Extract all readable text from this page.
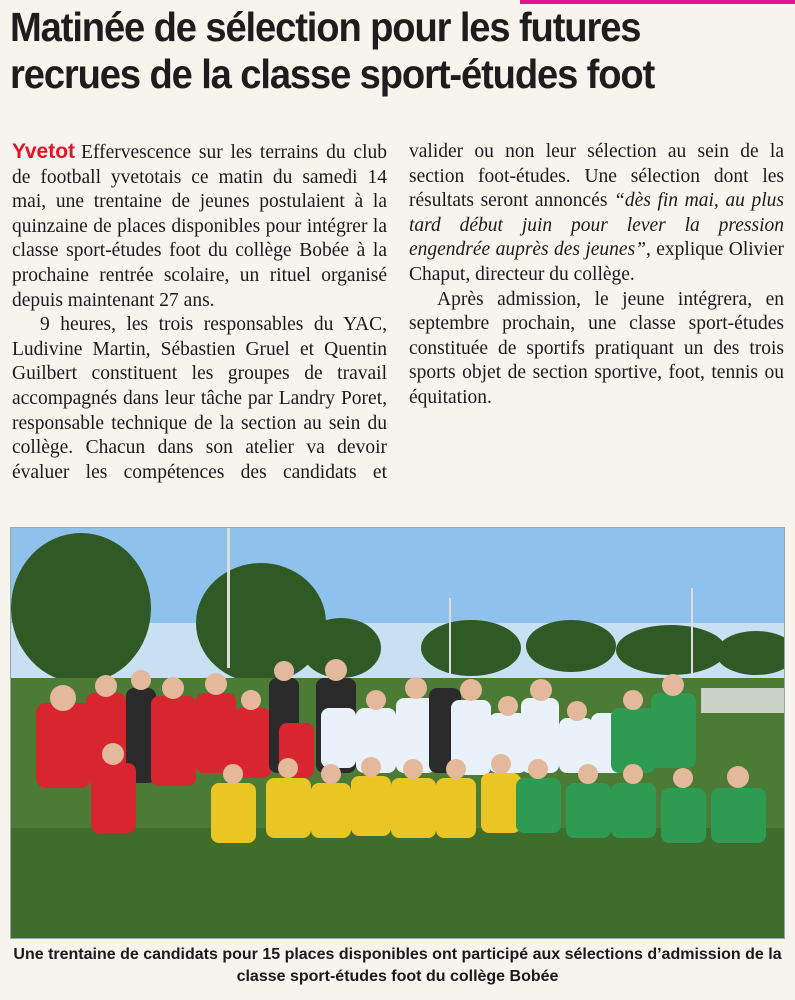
Matinée de sélection pour les futures recrues de la classe sport-études foot

Yvetot Effervescence sur les terrains du club de football yvetotais ce matin du samedi 14 mai, une trentaine de jeunes postulaient à la quinzaine de places disponibles pour intégrer la classe sport-études foot du collège Bobée à la prochaine rentrée scolaire, un rituel organisé depuis maintenant 27 ans.

9 heures, les trois responsables du YAC, Ludivine Martin, Sébastien Gruel et Quentin Guilbert constituent les groupes de travail accompagnés dans leur tâche par Landry Poret, responsable technique de la section au sein du collège. Chacun dans son atelier va devoir évaluer les compétences des candidats et valider ou non leur sélection au sein de la section foot-études. Une sélection dont les résultats seront annoncés “dès fin mai, au plus tard début juin pour lever la pression engendrée auprès des jeunes”, explique Olivier Chaput, directeur du collège.

Après admission, le jeune intégrera, en septembre prochain, une classe sport-études constituée de sportifs pratiquant un des trois sports objet de section sportive, foot, tennis ou équitation.

Une trentaine de candidats pour 15 places disponibles ont participé aux sélections d’admission de la classe sport-études foot du collège Bobée
